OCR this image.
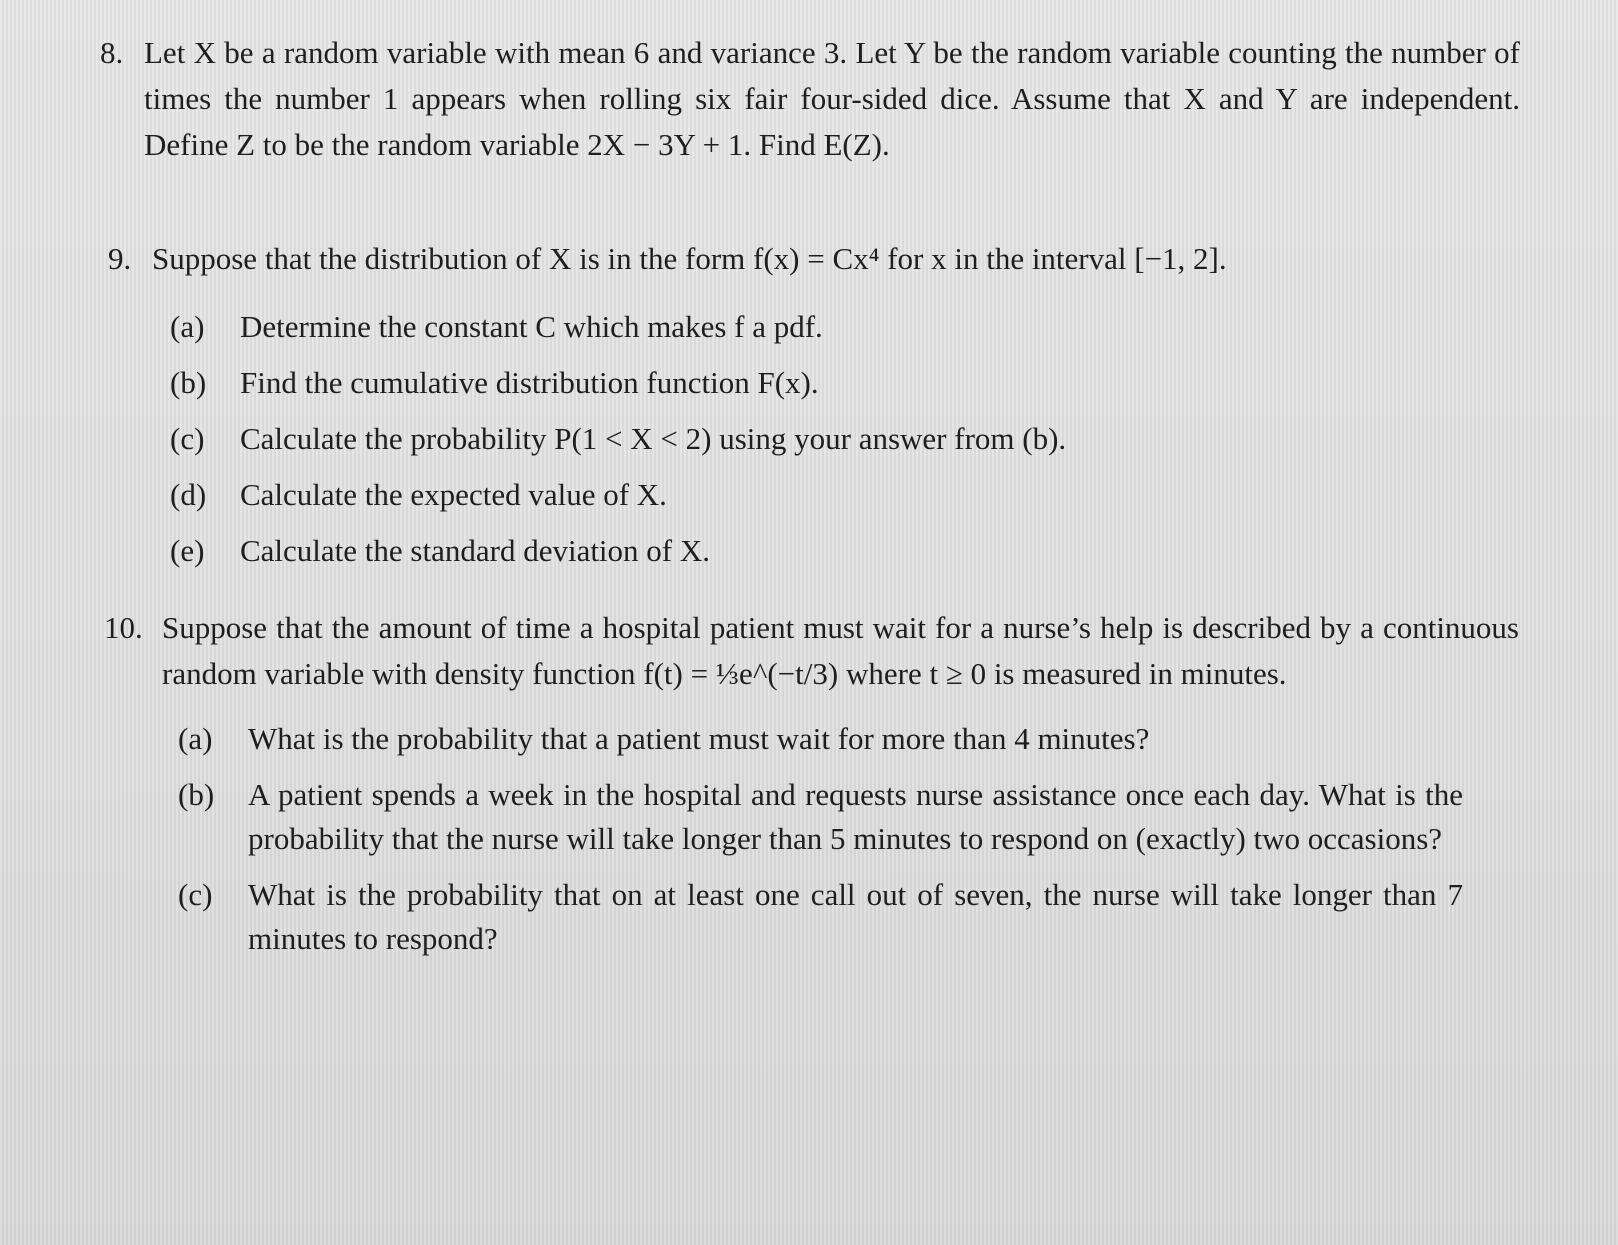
8. Let X be a random variable with mean 6 and variance 3. Let Y be the random variable counting the number of times the number 1 appears when rolling six fair four-sided dice. Assume that X and Y are independent. Define Z to be the random variable 2X − 3Y + 1. Find E(Z).
9. Suppose that the distribution of X is in the form f(x) = Cx⁴ for x in the interval [−1, 2].
(a) Determine the constant C which makes f a pdf.
(b) Find the cumulative distribution function F(x).
(c) Calculate the probability P(1 < X < 2) using your answer from (b).
(d) Calculate the expected value of X.
(e) Calculate the standard deviation of X.
10. Suppose that the amount of time a hospital patient must wait for a nurse’s help is described by a continuous random variable with density function f(t) = ⅓e^(−t/3) where t ≥ 0 is measured in minutes.
(a) What is the probability that a patient must wait for more than 4 minutes?
(b) A patient spends a week in the hospital and requests nurse assistance once each day. What is the probability that the nurse will take longer than 5 minutes to respond on (exactly) two occasions?
(c) What is the probability that on at least one call out of seven, the nurse will take longer than 7 minutes to respond?
